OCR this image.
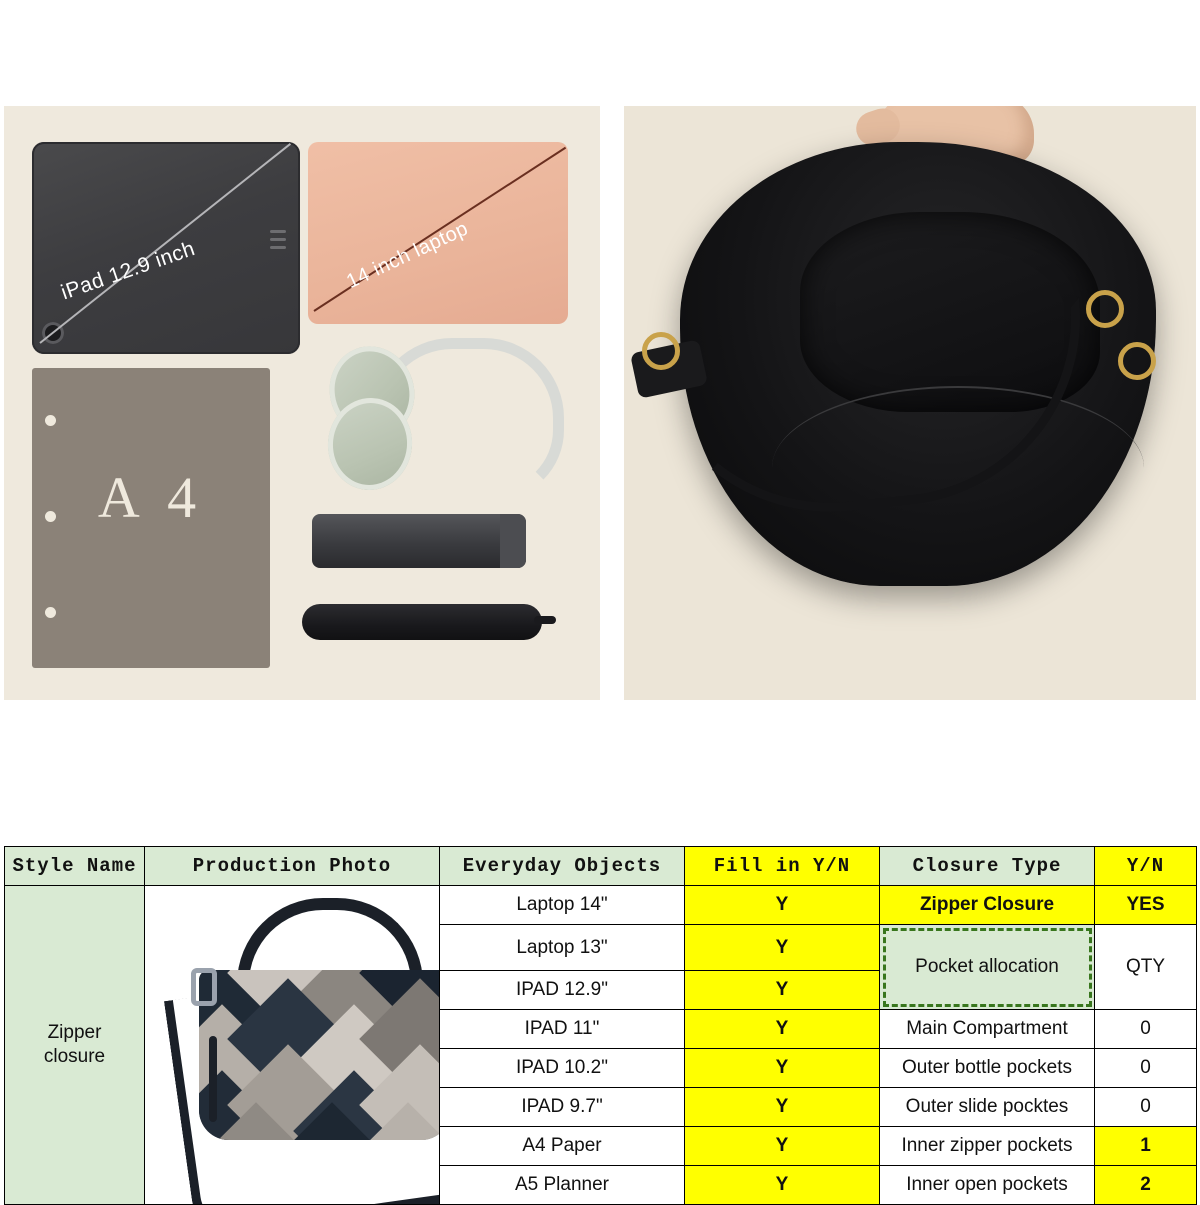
iPad 12.9 inch	14 inch laptop
A 4
Style Name	Production Photo	Everyday Objects	Fill in Y/N	Closure Type	Y/N

Zipper
closure		Laptop 14"	Y	Zipper Closure	YES
		Laptop 13"	Y	Pocket allocation	QTY
		IPAD 12.9"	Y		
		IPAD 11"	Y	Main Compartment	0
		IPAD 10.2"	Y	Outer bottle pockets	0
		IPAD 9.7"	Y	Outer slide pocktes	0
		A4 Paper	Y	Inner zipper pockets	1
		A5 Planner	Y	Inner open pockets	2
